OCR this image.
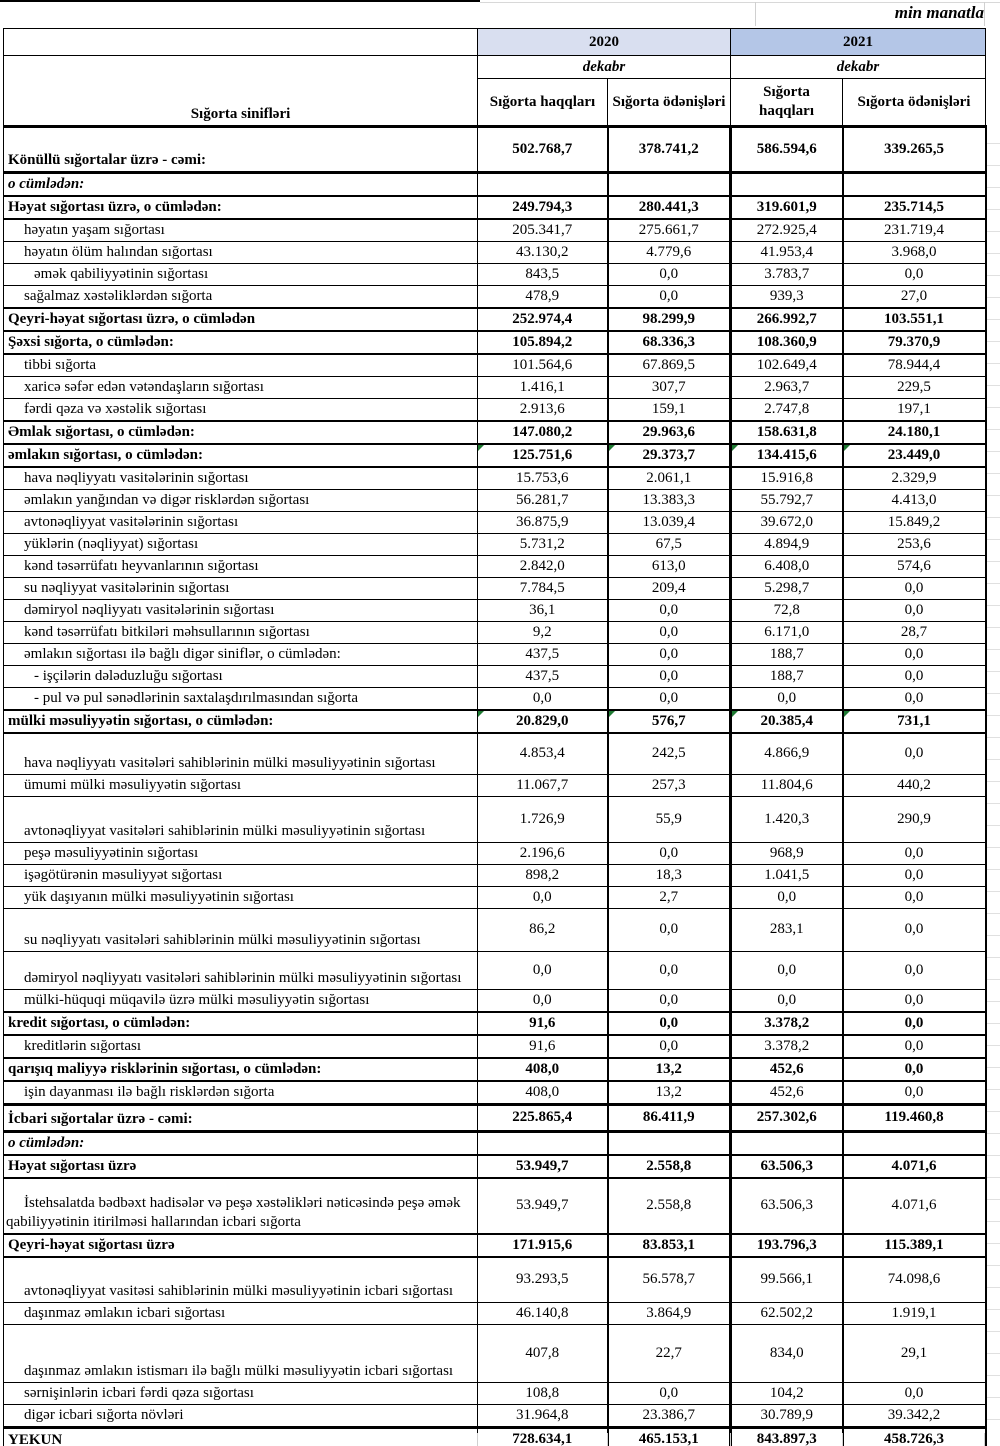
min manatla
	2020		2021	
Sığorta sinifləri	dekabr		dekabr	
	Sığorta haqqları	Sığorta ödənişləri	Sığorta haqqları	Sığorta ödənişləri
Könüllü sığortalar üzrə - cəmi:	502.768,7	378.741,2	586.594,6	339.265,5
o cümlədən:				
Həyat sığortası üzrə, o cümlədən:	249.794,3	280.441,3	319.601,9	235.714,5
həyatın yaşam sığortası	205.341,7	275.661,7	272.925,4	231.719,4
həyatın ölüm halından sığortası	43.130,2	4.779,6	41.953,4	3.968,0
əmək qabiliyyətinin sığortası	843,5	0,0	3.783,7	0,0
sağalmaz xəstəliklərdən sığorta	478,9	0,0	939,3	27,0
Qeyri-həyat sığortası üzrə, o cümlədən	252.974,4	98.299,9	266.992,7	103.551,1
Şəxsi sığorta, o cümlədən:	105.894,2	68.336,3	108.360,9	79.370,9
tibbi sığorta	101.564,6	67.869,5	102.649,4	78.944,4
xaricə səfər edən vətəndaşların sığortası	1.416,1	307,7	2.963,7	229,5
fərdi qəza və xəstəlik sığortası	2.913,6	159,1	2.747,8	197,1
Əmlak sığortası, o cümlədən:	147.080,2	29.963,6	158.631,8	24.180,1
əmlakın sığortası, o cümlədən:	125.751,6	29.373,7	134.415,6	23.449,0
hava nəqliyyatı vasitələrinin sığortası	15.753,6	2.061,1	15.916,8	2.329,9
əmlakın yanğından və digər risklərdən sığortası	56.281,7	13.383,3	55.792,7	4.413,0
avtonəqliyyat vasitələrinin sığortası	36.875,9	13.039,4	39.672,0	15.849,2
yüklərin (nəqliyyat) sığortası	5.731,2	67,5	4.894,9	253,6
kənd təsərrüfatı heyvanlarının sığortası	2.842,0	613,0	6.408,0	574,6
su nəqliyyat vasitələrinin sığortası	7.784,5	209,4	5.298,7	0,0
dəmiryol nəqliyyatı vasitələrinin sığortası	36,1	0,0	72,8	0,0
kənd təsərrüfatı bitkiləri məhsullarının sığortası	9,2	0,0	6.171,0	28,7
əmlakın sığortası ilə bağlı digər siniflər, o cümlədən:	437,5	0,0	188,7	0,0
- işçilərin dələduzluğu sığortası	437,5	0,0	188,7	0,0
- pul və pul sənədlərinin saxtalaşdırılmasından sığorta	0,0	0,0	0,0	0,0
mülki məsuliyyətin sığortası, o cümlədən:	20.829,0	576,7	20.385,4	731,1
hava nəqliyyatı vasitələri sahiblərinin mülki məsuliyyətinin sığortası	4.853,4	242,5	4.866,9	0,0
ümumi mülki məsuliyyətin sığortası	11.067,7	257,3	11.804,6	440,2
avtonəqliyyat vasitələri sahiblərinin mülki məsuliyyətinin sığortası	1.726,9	55,9	1.420,3	290,9
peşə məsuliyyətinin sığortası	2.196,6	0,0	968,9	0,0
işəgötürənin məsuliyyət sığortası	898,2	18,3	1.041,5	0,0
yük daşıyanın mülki məsuliyyətinin sığortası	0,0	2,7	0,0	0,0
su nəqliyyatı vasitələri sahiblərinin mülki məsuliyyətinin sığortası	86,2	0,0	283,1	0,0
dəmiryol nəqliyyatı vasitələri sahiblərinin mülki məsuliyyətinin sığortası	0,0	0,0	0,0	0,0
mülki-hüquqi müqavilə üzrə mülki məsuliyyətin sığortası	0,0	0,0	0,0	0,0
kredit sığortası, o cümlədən:	91,6	0,0	3.378,2	0,0
kreditlərin sığortası	91,6	0,0	3.378,2	0,0
qarışıq maliyyə risklərinin sığortası, o cümlədən:	408,0	13,2	452,6	0,0
işin dayanması ilə bağlı risklərdən sığorta	408,0	13,2	452,6	0,0
İcbari sığortalar üzrə - cəmi:	225.865,4	86.411,9	257.302,6	119.460,8
o cümlədən:				
Həyat sığortası üzrə	53.949,7	2.558,8	63.506,3	4.071,6
İstehsalatda bədbəxt hadisələr və peşə xəstəlikləri nəticəsində peşə əmək qabiliyyətinin itirilməsi hallarından icbari sığorta	53.949,7	2.558,8	63.506,3	4.071,6
Qeyri-həyat sığortası üzrə	171.915,6	83.853,1	193.796,3	115.389,1
avtonəqliyyat vasitəsi sahiblərinin mülki məsuliyyətinin icbari sığortası	93.293,5	56.578,7	99.566,1	74.098,6
daşınmaz əmlakın icbari sığortası	46.140,8	3.864,9	62.502,2	1.919,1
daşınmaz əmlakın istismarı ilə bağlı mülki məsuliyyətin icbari sığortası	407,8	22,7	834,0	29,1
sərnişinlərin icbari fərdi qəza sığortası	108,8	0,0	104,2	0,0
digər icbari sığorta növləri	31.964,8	23.386,7	30.789,9	39.342,2
YEKUN	728.634,1	465.153,1	843.897,3	458.726,3
